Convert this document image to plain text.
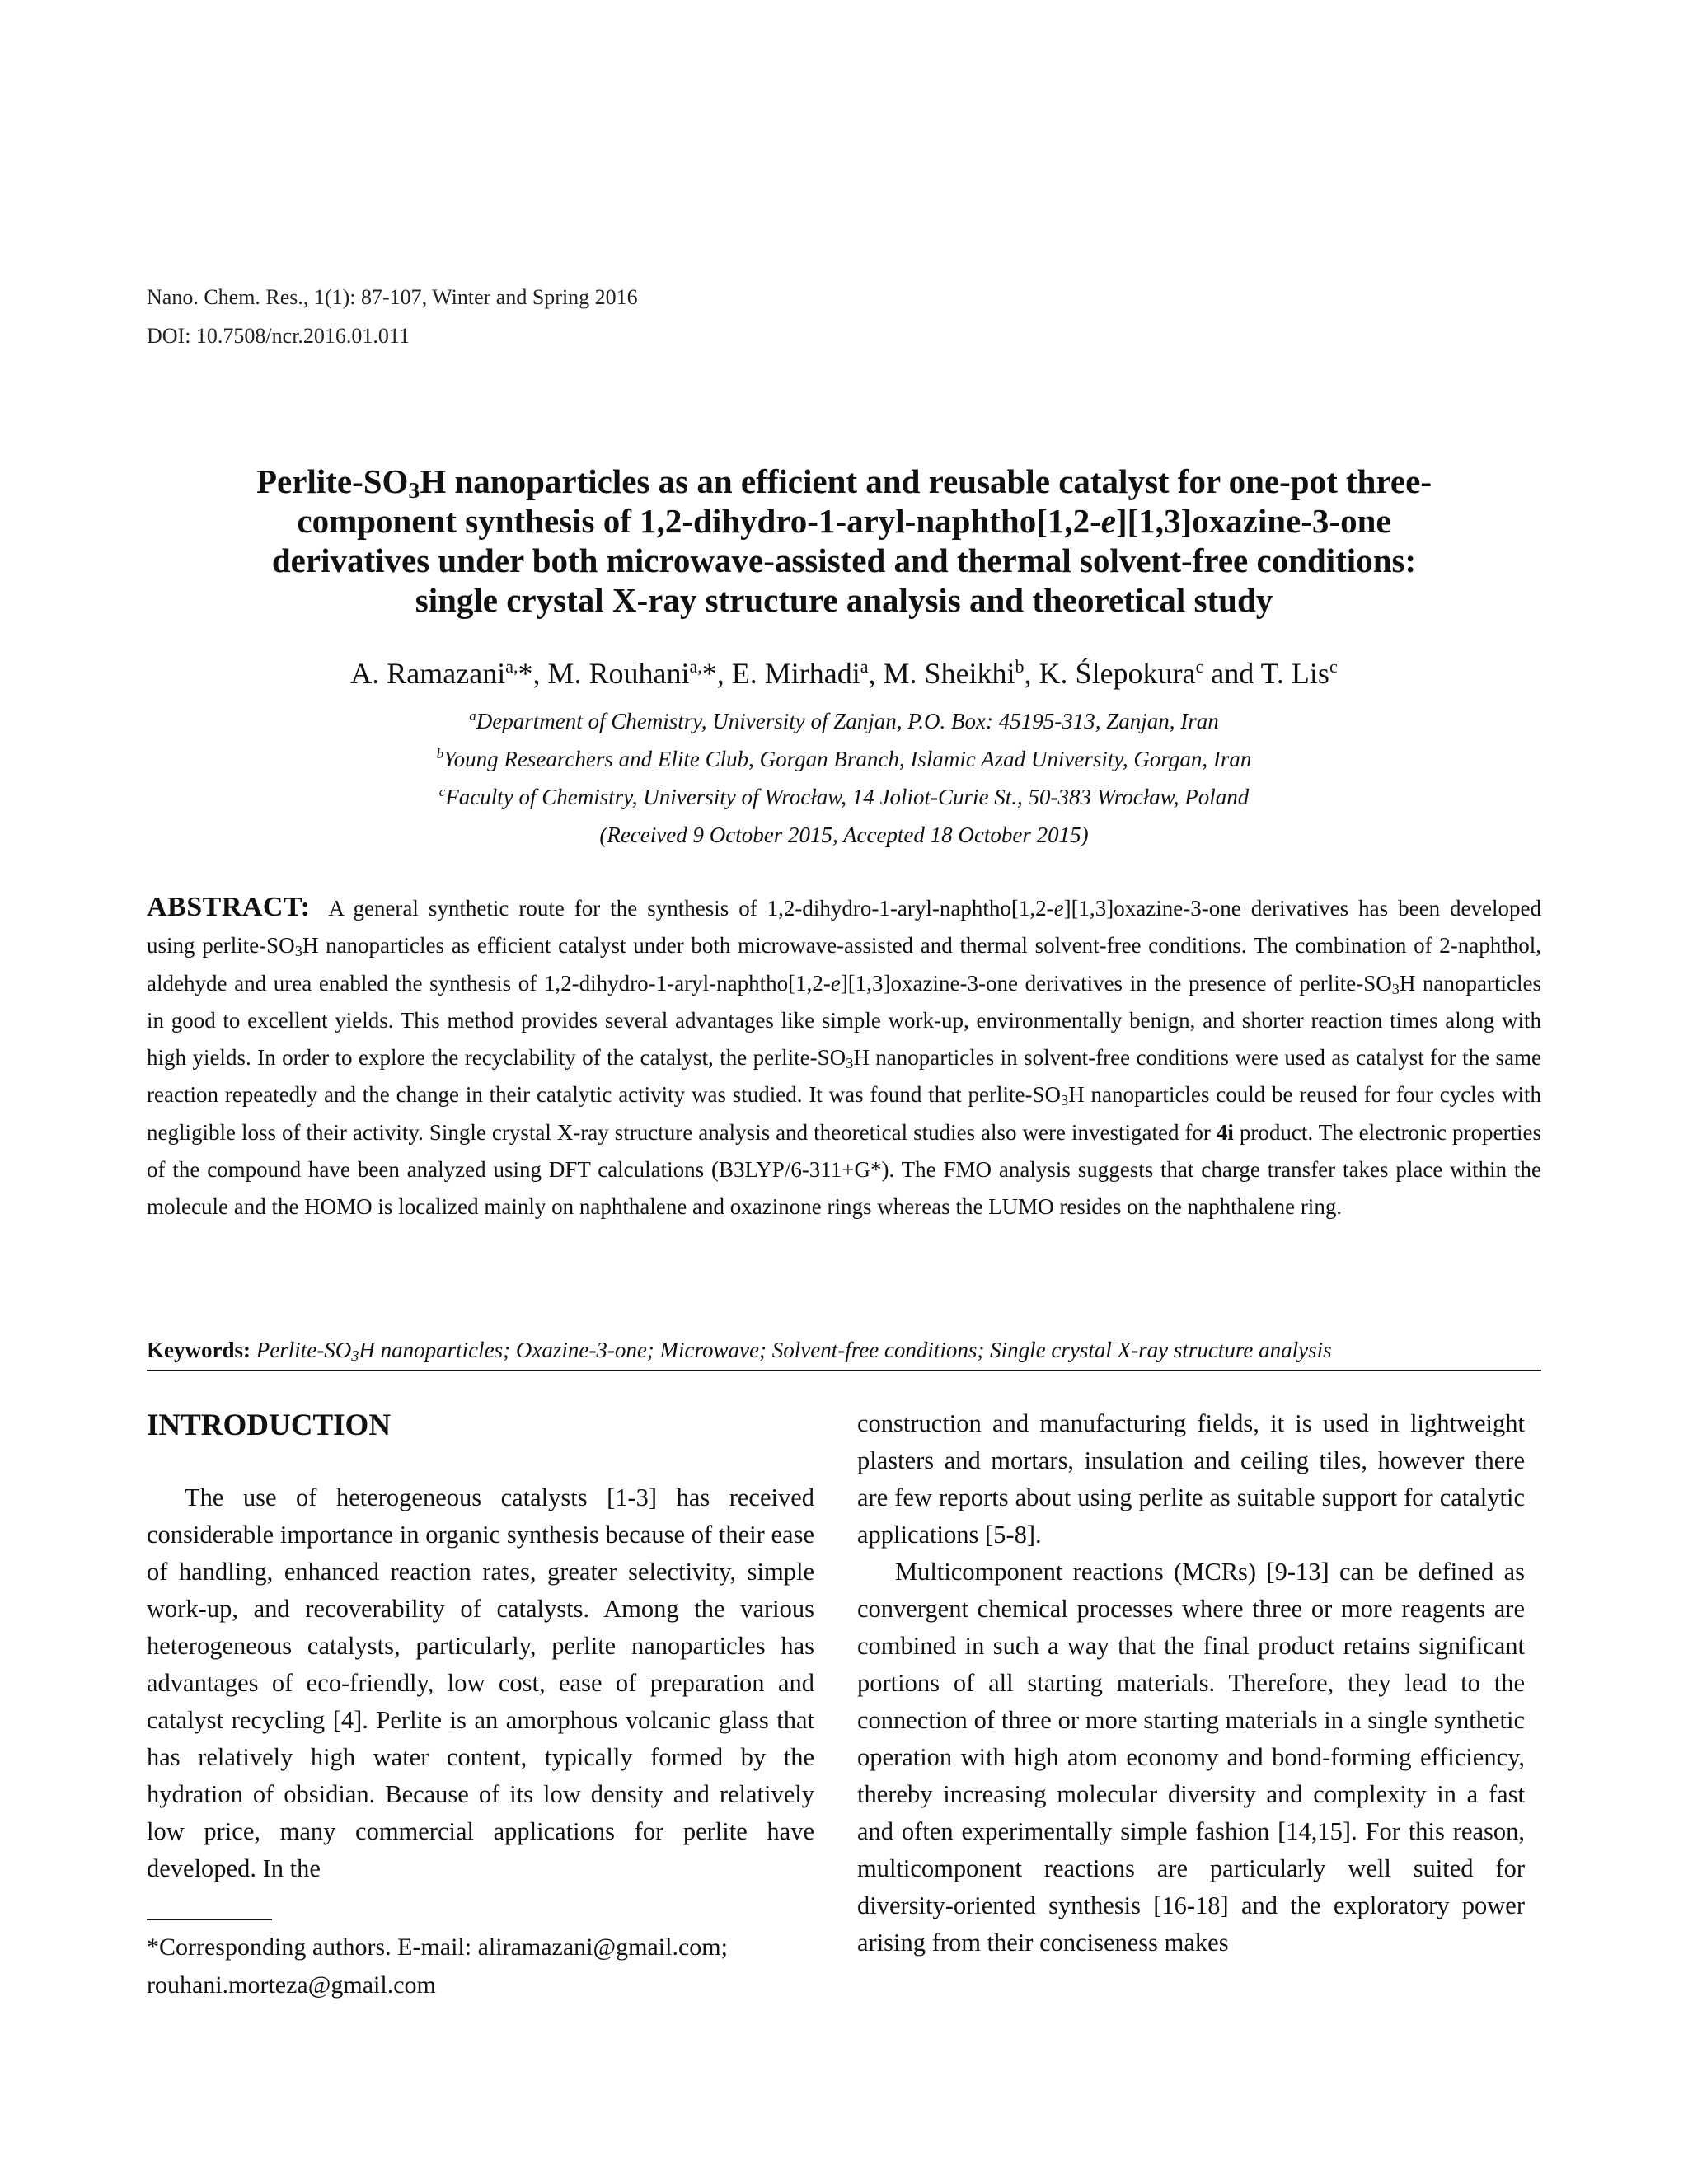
Nano. Chem. Res., 1(1): 87-107, Winter and Spring 2016
DOI: 10.7508/ncr.2016.01.011
Perlite-$SO_3H$ nanoparticles as an efficient and reusable catalyst for one-pot three-
component synthesis of 1,2-dihydro-1-aryl-naphtho[1,2-e][1,3]oxazine-3-one
derivatives under both microwave-assisted and thermal solvent-free conditions:
single crystal X-ray structure analysis and theoretical study
A. Ramazani$^{a,}$*, M. Rouhani$^{a,}$*, E. Mirhadi$^a$, M. Sheikhi$^b$, K. Ślepokura$^c$ and T. Lis$^c$
$^a$Department of Chemistry, University of Zanjan, P.O. Box: 45195-313, Zanjan, Iran
$^b$Young Researchers and Elite Club, Gorgan Branch, Islamic Azad University, Gorgan, Iran
$^c$Faculty of Chemistry, University of Wrocław, 14 Joliot-Curie St., 50-383 Wrocław, Poland
(Received 9 October 2015, Accepted 18 October 2015)

ABSTRACT: A general synthetic route for the synthesis of 1,2-dihydro-1-aryl-naphtho[1,2-e][1,3]oxazine-3-one derivatives has been developed using perlite-$SO_3H$ nanoparticles as efficient catalyst under both microwave-assisted and thermal solvent-free conditions. The combination of 2-naphthol, aldehyde and urea enabled the synthesis of 1,2-dihydro-1-aryl-naphtho[1,2-e][1,3]oxazine-3-one derivatives in the presence of perlite-$SO_3H$ nanoparticles in good to excellent yields. This method provides several advantages like simple work-up, environmentally benign, and shorter reaction times along with high yields. In order to explore the recyclability of the catalyst, the perlite-$SO_3H$ nanoparticles in solvent-free conditions were used as catalyst for the same reaction repeatedly and the change in their catalytic activity was studied. It was found that perlite-$SO_3H$ nanoparticles could be reused for four cycles with negligible loss of their activity. Single crystal X-ray structure analysis and theoretical studies also were investigated for 4i product. The electronic properties of the compound have been analyzed using DFT calculations (B3LYP/6-311+G*). The FMO analysis suggests that charge transfer takes place within the molecule and the HOMO is localized mainly on naphthalene and oxazinone rings whereas the LUMO resides on the naphthalene ring.

Keywords: Perlite-$SO_3H$ nanoparticles; Oxazine-3-one; Microwave; Solvent-free conditions; Single crystal X-ray structure analysis
INTRODUCTION

The use of heterogeneous catalysts [1-3] has received considerable importance in organic synthesis because of their ease of handling, enhanced reaction rates, greater selectivity, simple work-up, and recoverability of catalysts. Among the various heterogeneous catalysts, particularly, perlite nanoparticles has advantages of eco-friendly, low cost, ease of preparation and catalyst recycling [4]. Perlite is an amorphous volcanic glass that has relatively high water content, typically formed by the hydration of obsidian. Because of its low density and relatively low price, many commercial applications for perlite have developed. In the

construction and manufacturing fields, it is used in lightweight plasters and mortars, insulation and ceiling tiles, however there are few reports about using perlite as suitable support for catalytic applications [5-8].

Multicomponent reactions (MCRs) [9-13] can be defined as convergent chemical processes where three or more reagents are combined in such a way that the final product retains significant portions of all starting materials. Therefore, they lead to the connection of three or more starting materials in a single synthetic operation with high atom economy and bond-forming efficiency, thereby increasing molecular diversity and complexity in a fast and often experimentally simple fashion [14,15]. For this reason, multicomponent reactions are particularly well suited for diversity-oriented synthesis [16-18] and the exploratory power arising from their conciseness makes

*Corresponding authors. E-mail: aliramazani@gmail.com;
rouhani.morteza@gmail.com
